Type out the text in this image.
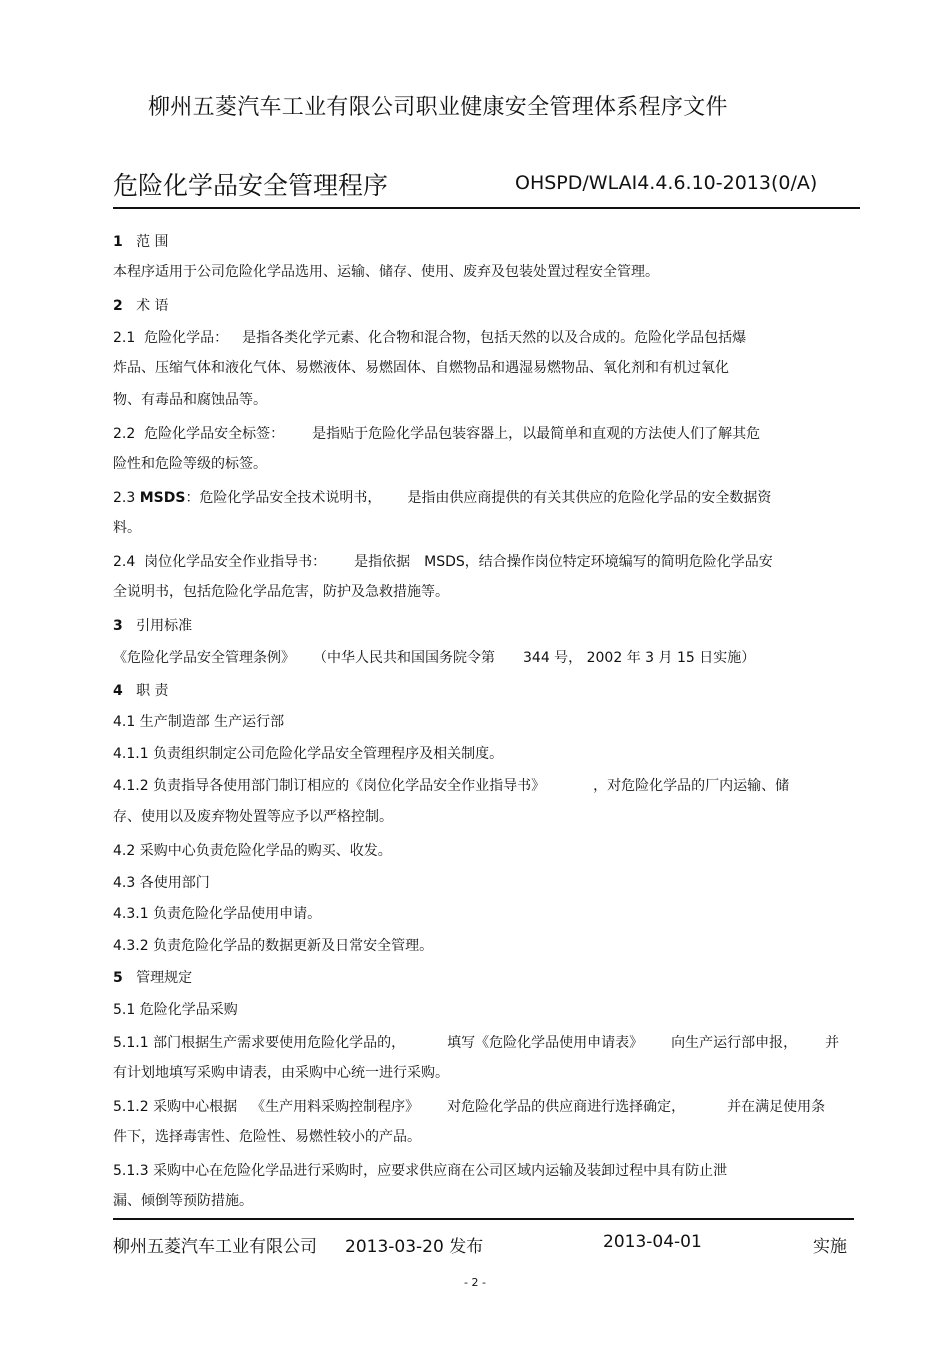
柳州五菱汽车工业有限公司职业健康安全管理体系程序文件
危险化学品安全管理程序	OHSPD/WLAI4.4.6.10-2013(0/A)
1 范 围
本程序适用于公司危险化学品选用、运输、储存、使用、废弃及包装处置过程安全管理。
2 术 语
2.1 危险化学品： 是指各类化学元素、化合物和混合物，包括天然的以及合成的。危险化学品包括爆
炸品、压缩气体和液化气体、易燃液体、易燃固体、自燃物品和遇湿易燃物品、氧化剂和有机过氧化
物、有毒品和腐蚀品等。
2.2 危险化学品安全标签： 是指贴于危险化学品包装容器上，以最简单和直观的方法使人们了解其危
险性和危险等级的标签。
2.3 MSDS：危险化学品安全技术说明书， 是指由供应商提供的有关其供应的危险化学品的安全数据资
料。
2.4 岗位化学品安全作业指导书： 是指依据 MSDS，结合操作岗位特定环境编写的简明危险化学品安
全说明书，包括危险化学品危害，防护及急救措施等。
3 引用标准
《危险化学品安全管理条例》 （中华人民共和国国务院令第 344 号， 2002 年 3 月 15 日实施）
4 职 责
4.1 生产制造部 生产运行部
4.1.1 负责组织制定公司危险化学品安全管理程序及相关制度。
4.1.2 负责指导各使用部门制订相应的《岗位化学品安全作业指导书》	，对危险化学品的厂内运输、储
存、使用以及废弃物处置等应予以严格控制。
4.2 采购中心负责危险化学品的购买、收发。
4.3 各使用部门
4.3.1 负责危险化学品使用申请。
4.3.2 负责危险化学品的数据更新及日常安全管理。
5 管理规定
5.1 危险化学品采购
5.1.1 部门根据生产需求要使用危险化学品的，	填写《危险化学品使用申请表》 向生产运行部申报， 并
有计划地填写采购申请表，由采购中心统一进行采购。
5.1.2 采购中心根据 《生产用料采购控制程序》 对危险化学品的供应商进行选择确定，	并在满足使用条
件下，选择毒害性、危险性、易燃性较小的产品。
5.1.3 采购中心在危险化学品进行采购时，应要求供应商在公司区域内运输及装卸过程中具有防止泄
漏、倾倒等预防措施。
柳州五菱汽车工业有限公司 2013-03-20 发布	2013-04-01	实施
- 2 -
